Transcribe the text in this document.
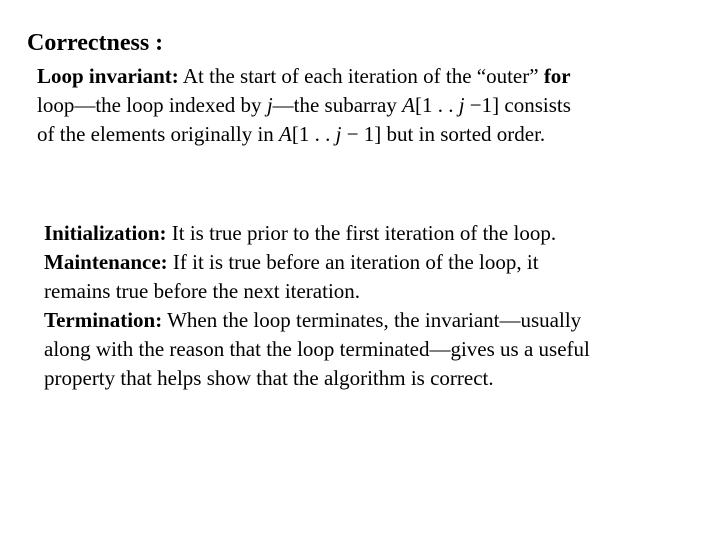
Correctness :
Loop invariant: At the start of each iteration of the “outer” for
loop—the loop indexed by j—the subarray A[1 . . j −1] consists
of the elements originally in A[1 . . j − 1] but in sorted order.
Initialization: It is true prior to the first iteration of the loop.
Maintenance: If it is true before an iteration of the loop, it
remains true before the next iteration.
Termination: When the loop terminates, the invariant—usually
along with the reason that the loop terminated—gives us a useful
property that helps show that the algorithm is correct.
